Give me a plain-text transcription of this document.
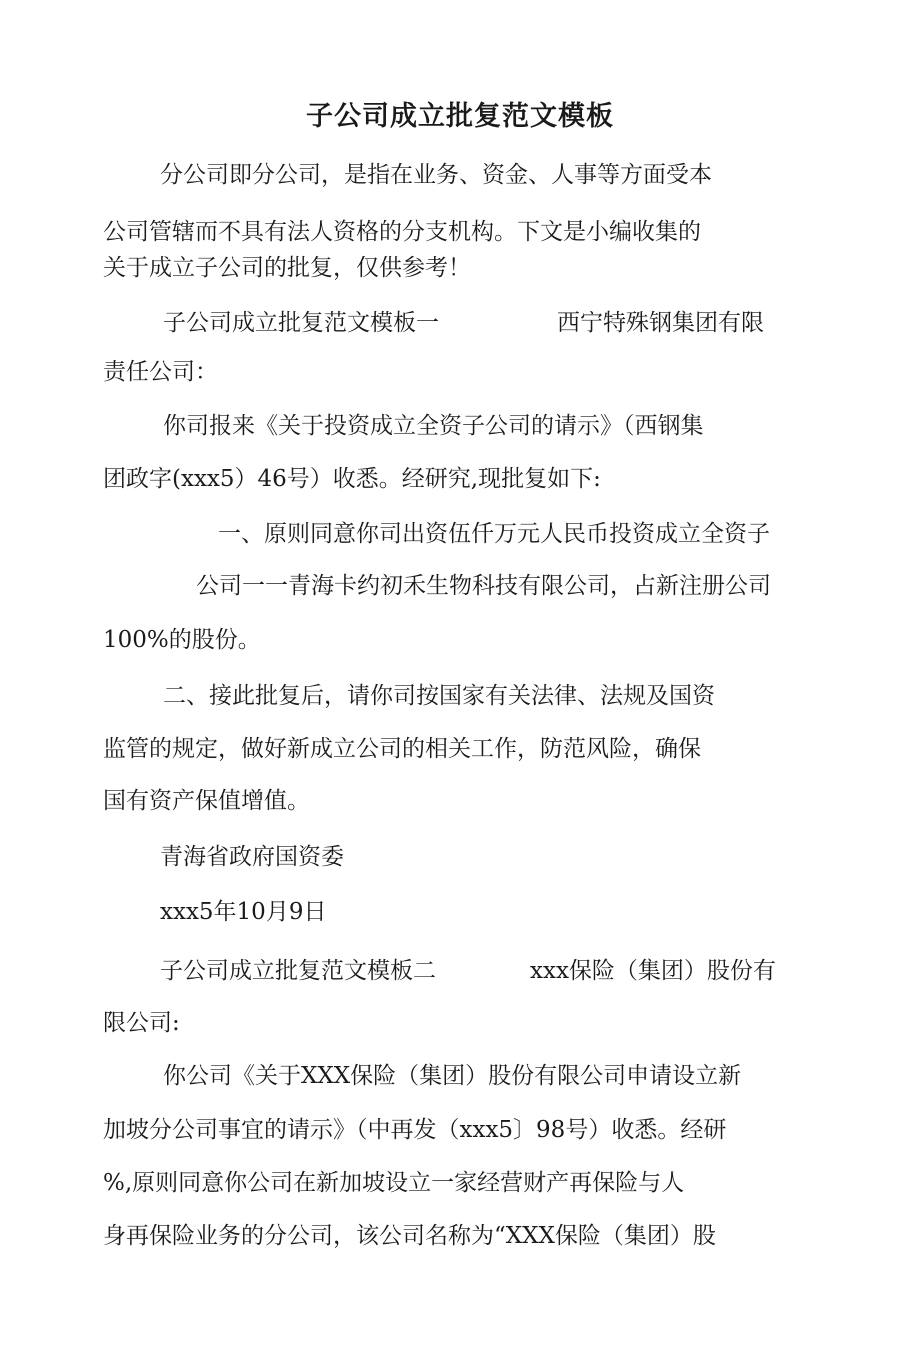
子公司成立批复范文模板

分公司即分公司，是指在业务、资金、人事等方面受本

公司管辖而不具有法人资格的分支机构。下文是小编收集的

关于成立子公司的批复，仅供参考！

子公司成立批复范文模板一	西宁特殊钢集团有限

责任公司：

你司报来《关于投资成立全资子公司的请示》（西钢集

团政字(xxx5）46号）收悉。经研究,现批复如下:

一、原则同意你司出资伍仟万元人民币投资成立全资子

公司一一青海卡约初禾生物科技有限公司，占新注册公司

100%的股份。

二、接此批复后，请你司按国家有关法律、法规及国资

监管的规定，做好新成立公司的相关工作，防范风险，确保

国有资产保值增值。

青海省政府国资委

xxx5年10月9日

子公司成立批复范文模板二	xxx保险（集团）股份有

限公司:

你公司《关于XXX保险（集团）股份有限公司申请设立新

加坡分公司事宜的请示》（中再发（xxx5〕98号）收悉。经研

%,原则同意你公司在新加坡设立一家经营财产再保险与人

身再保险业务的分公司，该公司名称为“XXX保险（集团）股
